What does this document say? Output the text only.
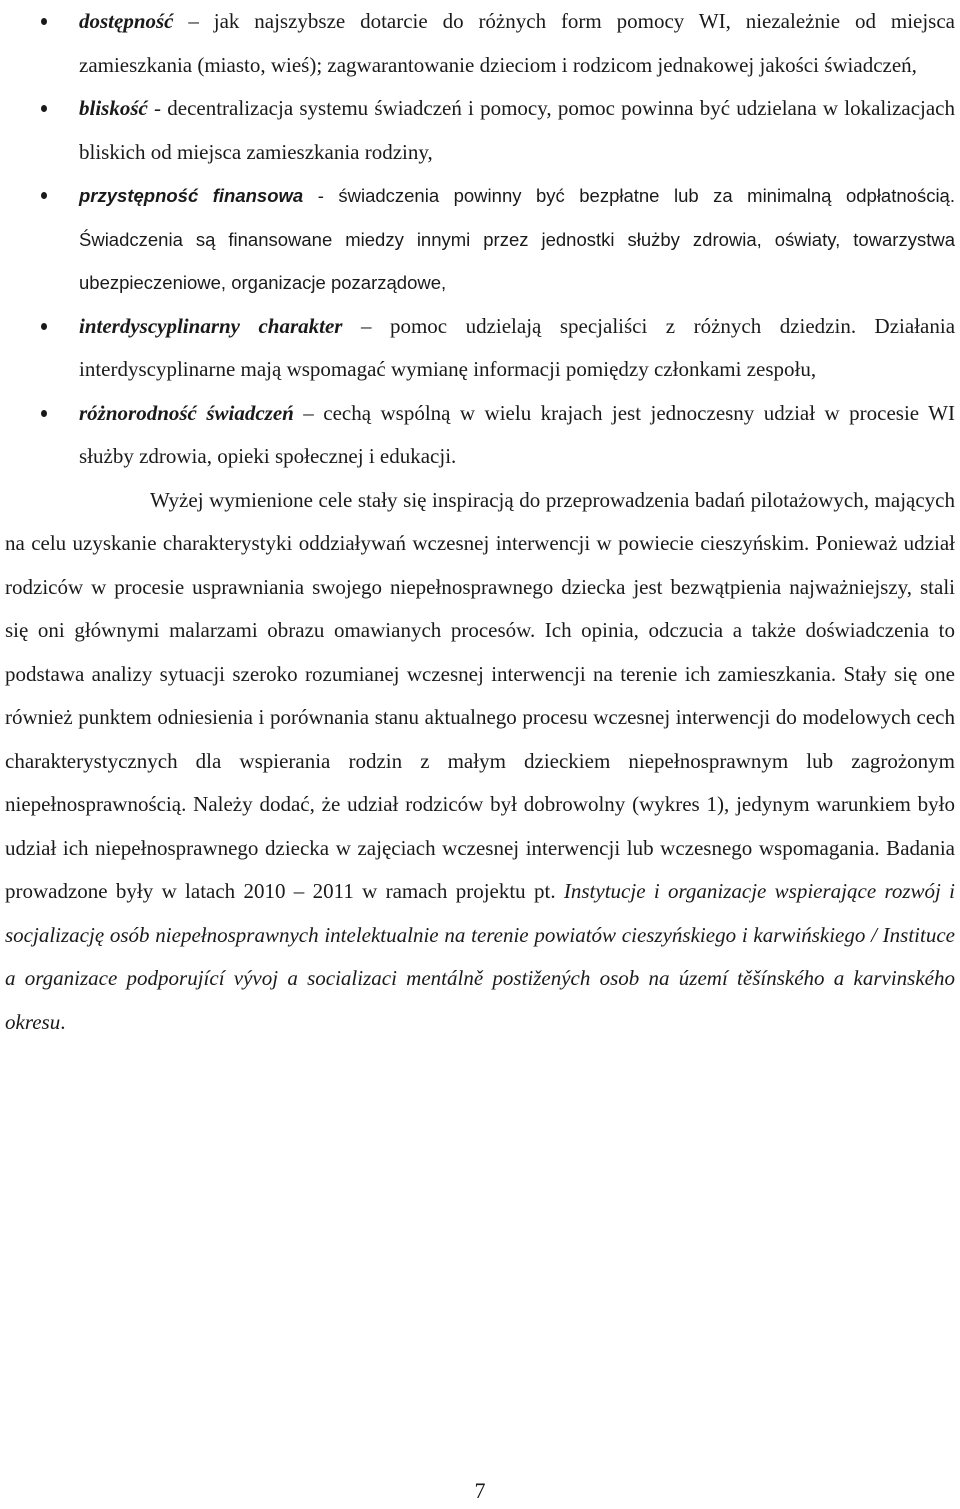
dostępność – jak najszybsze dotarcie do różnych form pomocy WI, niezależnie od miejsca zamieszkania (miasto, wieś); zagwarantowanie dzieciom i rodzicom jednakowej jakości świadczeń,
bliskość - decentralizacja systemu świadczeń i pomocy, pomoc powinna być udzielana w lokalizacjach bliskich od miejsca zamieszkania rodziny,
przystępność finansowa - świadczenia powinny być bezpłatne lub za minimalną odpłatnością. Świadczenia są finansowane miedzy innymi przez jednostki służby zdrowia, oświaty, towarzystwa ubezpieczeniowe, organizacje pozarządowe,
interdyscyplinarny charakter – pomoc udzielają specjaliści z różnych dziedzin. Działania interdyscyplinarne mają wspomagać wymianę informacji pomiędzy członkami zespołu,
różnorodność świadczeń – cechą wspólną w wielu krajach jest jednoczesny udział w procesie WI służby zdrowia, opieki społecznej i edukacji.

Wyżej wymienione cele stały się inspiracją do przeprowadzenia badań pilotażowych, mających na celu uzyskanie charakterystyki oddziaływań wczesnej interwencji w powiecie cieszyńskim. Ponieważ udział rodziców w procesie usprawniania swojego niepełnosprawnego dziecka jest bezwątpienia najważniejszy, stali się oni głównymi malarzami obrazu omawianych procesów. Ich opinia, odczucia a także doświadczenia to podstawa analizy sytuacji szeroko rozumianej wczesnej interwencji na terenie ich zamieszkania. Stały się one również punktem odniesienia i porównania stanu aktualnego procesu wczesnej interwencji do modelowych cech charakterystycznych dla wspierania rodzin z małym dzieckiem niepełnosprawnym lub zagrożonym niepełnosprawnością. Należy dodać, że udział rodziców był dobrowolny (wykres 1), jedynym warunkiem było udział ich niepełnosprawnego dziecka w zajęciach wczesnej interwencji lub wczesnego wspomagania. Badania prowadzone były w latach 2010 – 2011 w ramach projektu pt. Instytucje i organizacje wspierające rozwój i socjalizację osób niepełnosprawnych intelektualnie na terenie powiatów cieszyńskiego i karwińskiego / Instituce a organizace podporující vývoj a socializaci mentálně postižených osob na území těšínského a karvinského okresu.

7
